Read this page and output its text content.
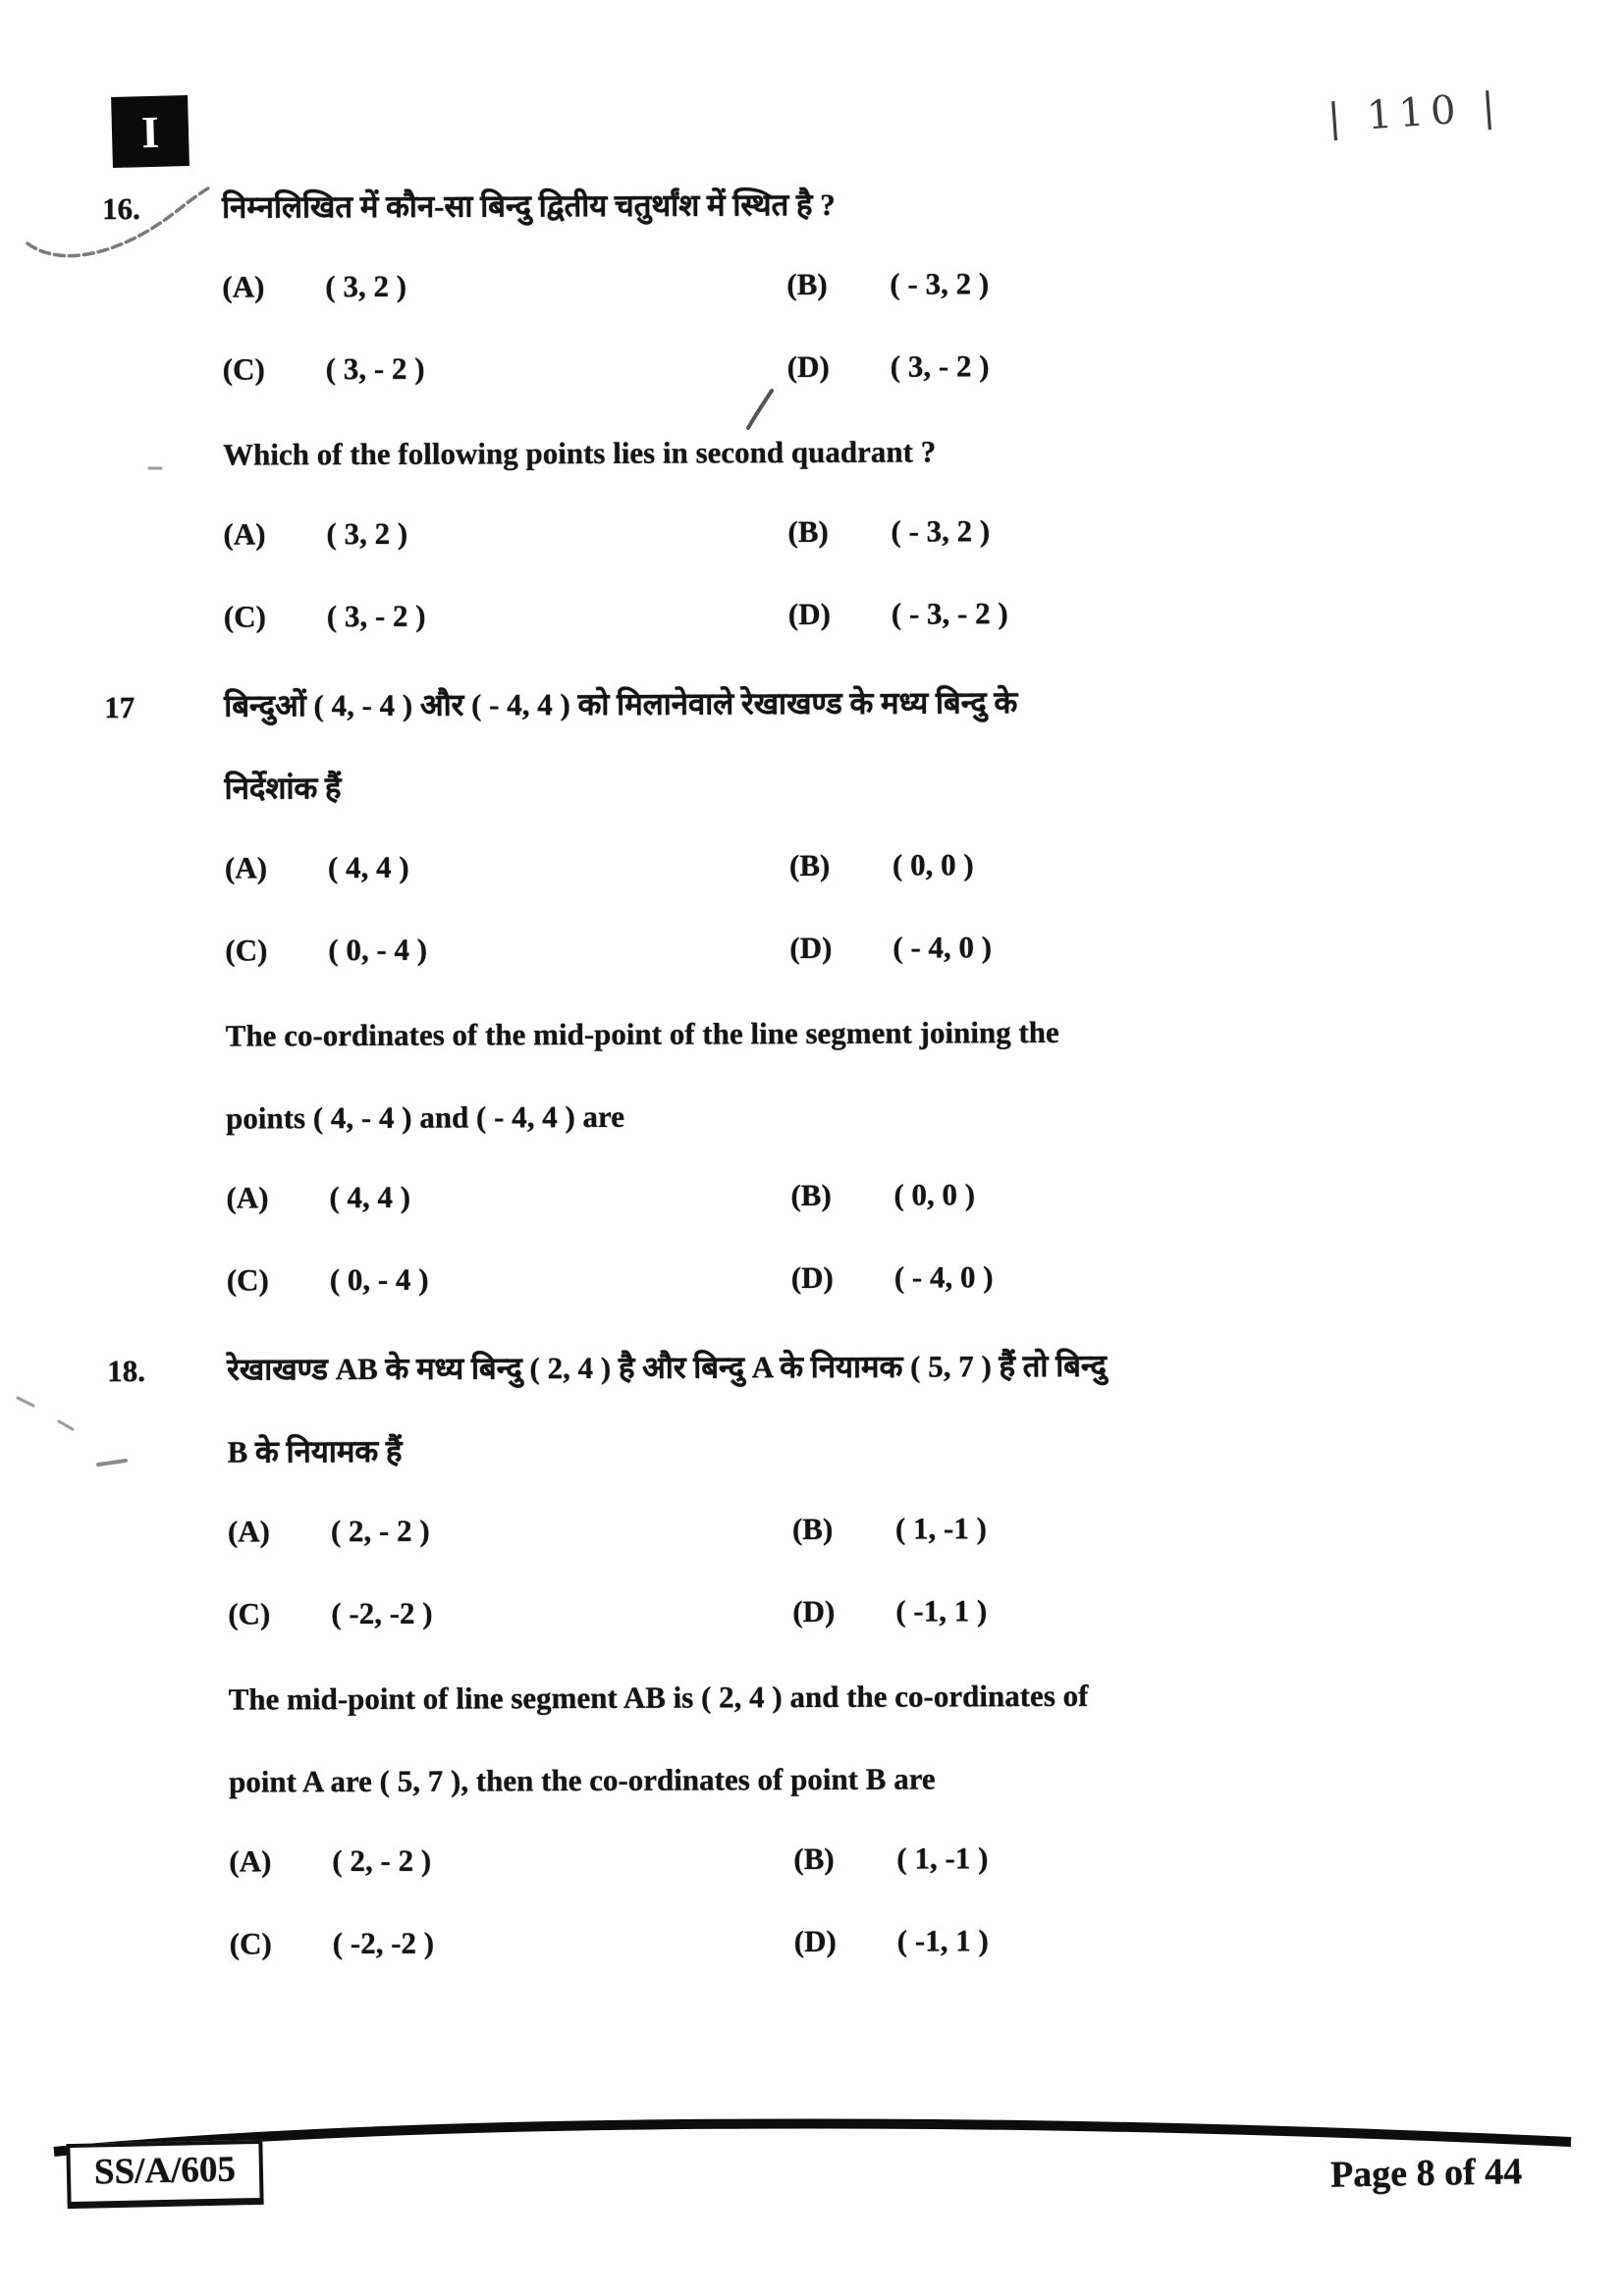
I	| 110 |
16.	निम्नलिखित में कौन-सा बिन्दु द्वितीय चतुर्थांश में स्थित है ?

(A)	( 3, 2 )	(B)	( - 3, 2 )
(C)	( 3, - 2 )	(D)	( 3, - 2 )

Which of the following points lies in second quadrant ?

(A)	( 3, 2 )	(B)	( - 3, 2 )
(C)	( 3, - 2 )	(D)	( - 3, - 2 )
17	बिन्दुओं ( 4, - 4 ) और ( - 4, 4 ) को मिलानेवाले रेखाखण्ड के मध्य बिन्दु के

निर्देशांक हैं

(A)	( 4, 4 )	(B)	( 0, 0 )
(C)	( 0, - 4 )	(D)	( - 4, 0 )

The co-ordinates of the mid-point of the line segment joining the

points ( 4, - 4 ) and ( - 4, 4 ) are

(A)	( 4, 4 )	(B)	( 0, 0 )
(C)	( 0, - 4 )	(D)	( - 4, 0 )
18.	रेखाखण्ड AB के मध्य बिन्दु ( 2, 4 ) है और बिन्दु A के नियामक ( 5, 7 ) हैं तो बिन्दु

B के नियामक हैं

(A)	( 2, - 2 )	(B)	( 1, -1 )
(C)	( -2, -2 )	(D)	( -1, 1 )

The mid-point of line segment AB is ( 2, 4 ) and the co-ordinates of

point A are ( 5, 7 ), then the co-ordinates of point B are

(A)	( 2, - 2 )	(B)	( 1, -1 )
(C)	( -2, -2 )	(D)	( -1, 1 )
SS/A/605	Page 8 of 44
